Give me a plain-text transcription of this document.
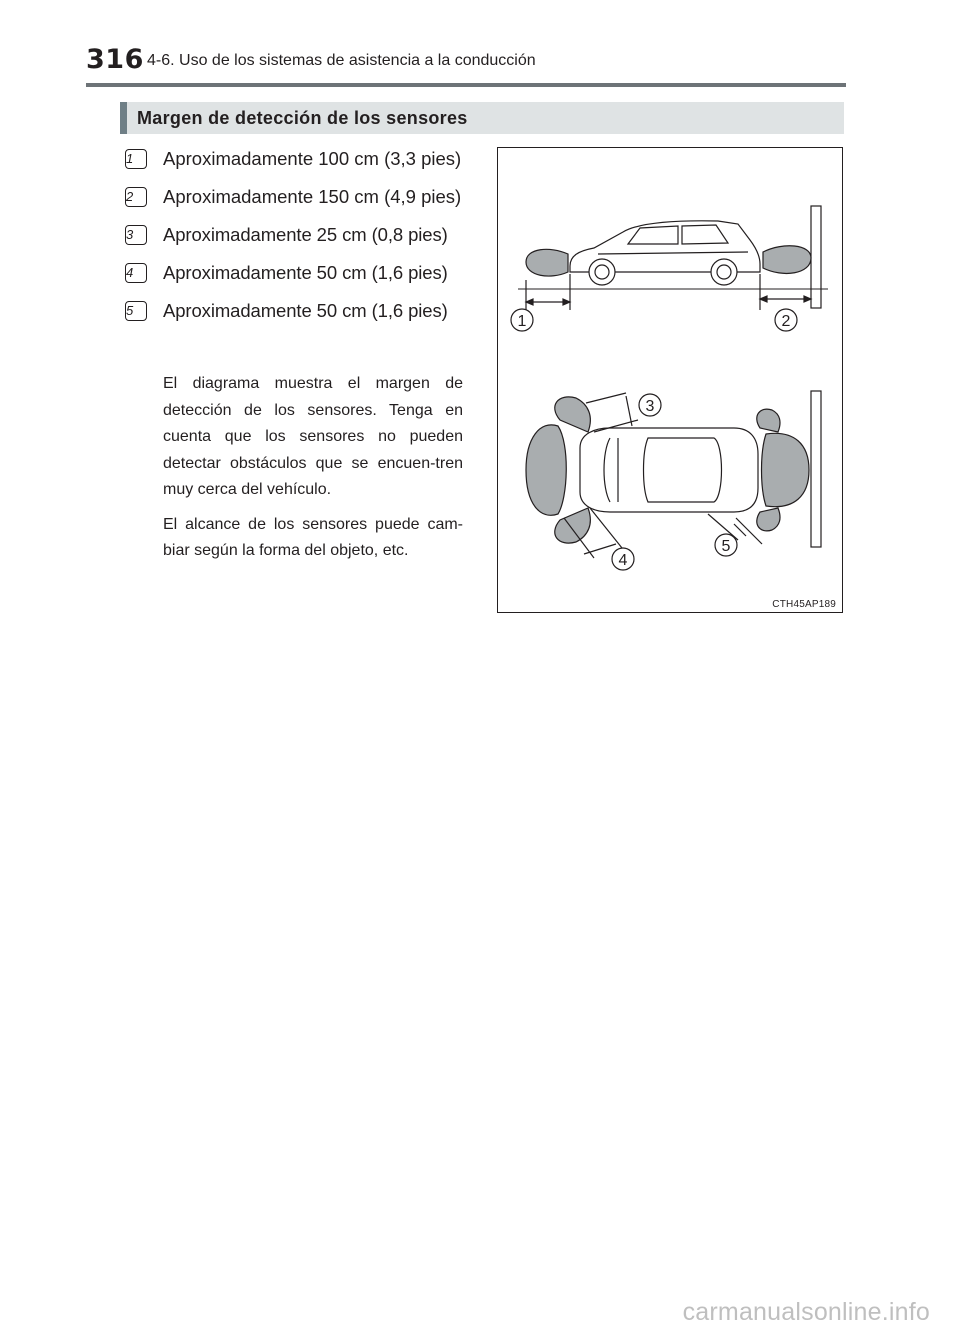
316 4-6. Uso de los sistemas de asistencia a la conducción
Margen de detección de los sensores
1	Aproximadamente 100 cm (3,3 pies)
2	Aproximadamente 150 cm (4,9 pies)
3	Aproximadamente 25 cm (0,8 pies)
4	Aproximadamente 50 cm (1,6 pies)
5	Aproximadamente 50 cm (1,6 pies)

El diagrama muestra el margen de detección de los sensores. Tenga en cuenta que los sensores no pueden detectar obstáculos que se encuen-tren muy cerca del vehículo.

El alcance de los sensores puede cam-biar según la forma del objeto, etc.

1	2
3
4
5
CTH45AP189
carmanualsonline.info
